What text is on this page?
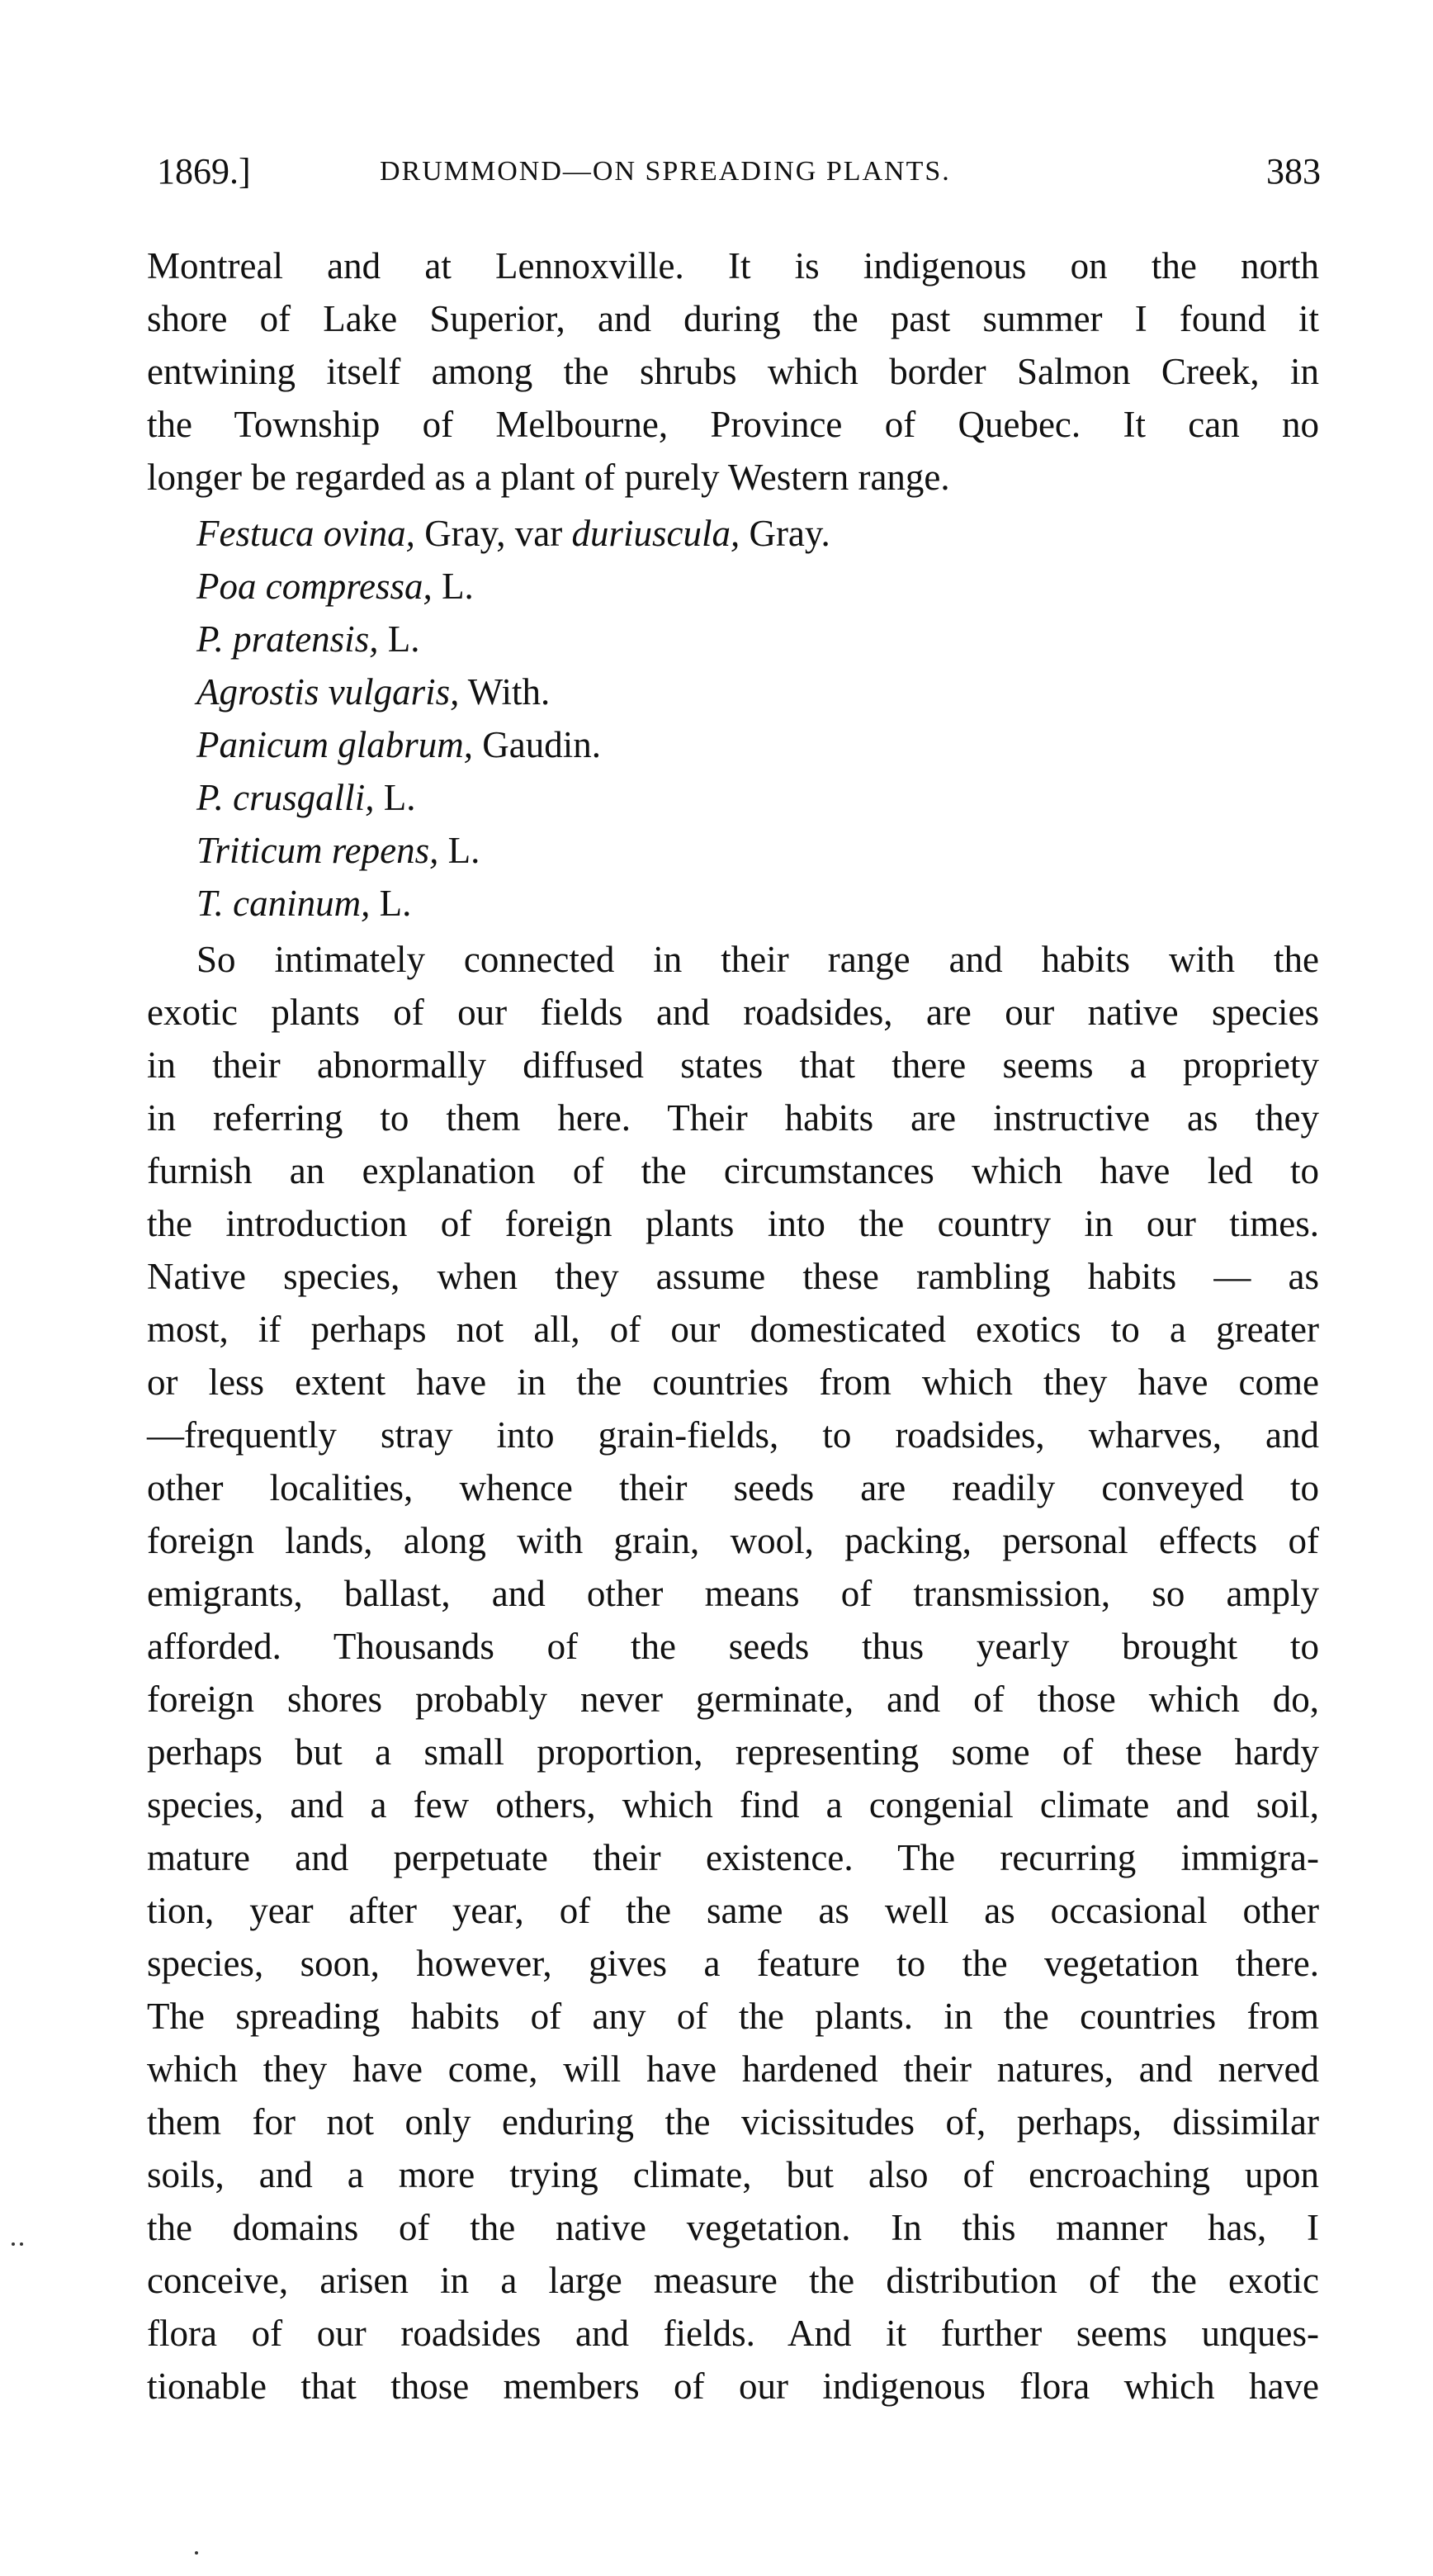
1869.]	DRUMMOND—ON SPREADING PLANTS.	383
Montreal and at Lennoxville. It is indigenous on the north
shore of Lake Superior, and during the past summer I found it
entwining itself among the shrubs which border Salmon Creek, in
the Township of Melbourne, Province of Quebec. It can no
longer be regarded as a plant of purely Western range.
Festuca ovina, Gray, var duriuscula, Gray.
Poa compressa, L.
P. pratensis, L.
Agrostis vulgaris, With.
Panicum glabrum, Gaudin.
P. crusgalli, L.
Triticum repens, L.
T. caninum, L.
So intimately connected in their range and habits with the
exotic plants of our fields and roadsides, are our native species
in their abnormally diffused states that there seems a propriety
in referring to them here. Their habits are instructive as they
furnish an explanation of the circumstances which have led to
the introduction of foreign plants into the country in our times.
Native species, when they assume these rambling habits — as
most, if perhaps not all, of our domesticated exotics to a greater
or less extent have in the countries from which they have come
—frequently stray into grain-fields, to roadsides, wharves, and
other localities, whence their seeds are readily conveyed to
foreign lands, along with grain, wool, packing, personal effects of
emigrants, ballast, and other means of transmission, so amply
afforded. Thousands of the seeds thus yearly brought to
foreign shores probably never germinate, and of those which do,
perhaps but a small proportion, representing some of these hardy
species, and a few others, which find a congenial climate and soil,
mature and perpetuate their existence. The recurring immigra-
tion, year after year, of the same as well as occasional other
species, soon, however, gives a feature to the vegetation there.
The spreading habits of any of the plants. in the countries from
which they have come, will have hardened their natures, and nerved
them for not only enduring the vicissitudes of, perhaps, dissimilar
soils, and a more trying climate, but also of encroaching upon
the domains of the native vegetation. In this manner has, I
conceive, arisen in a large measure the distribution of the exotic
flora of our roadsides and fields. And it further seems unques-
tionable that those members of our indigenous flora which have
